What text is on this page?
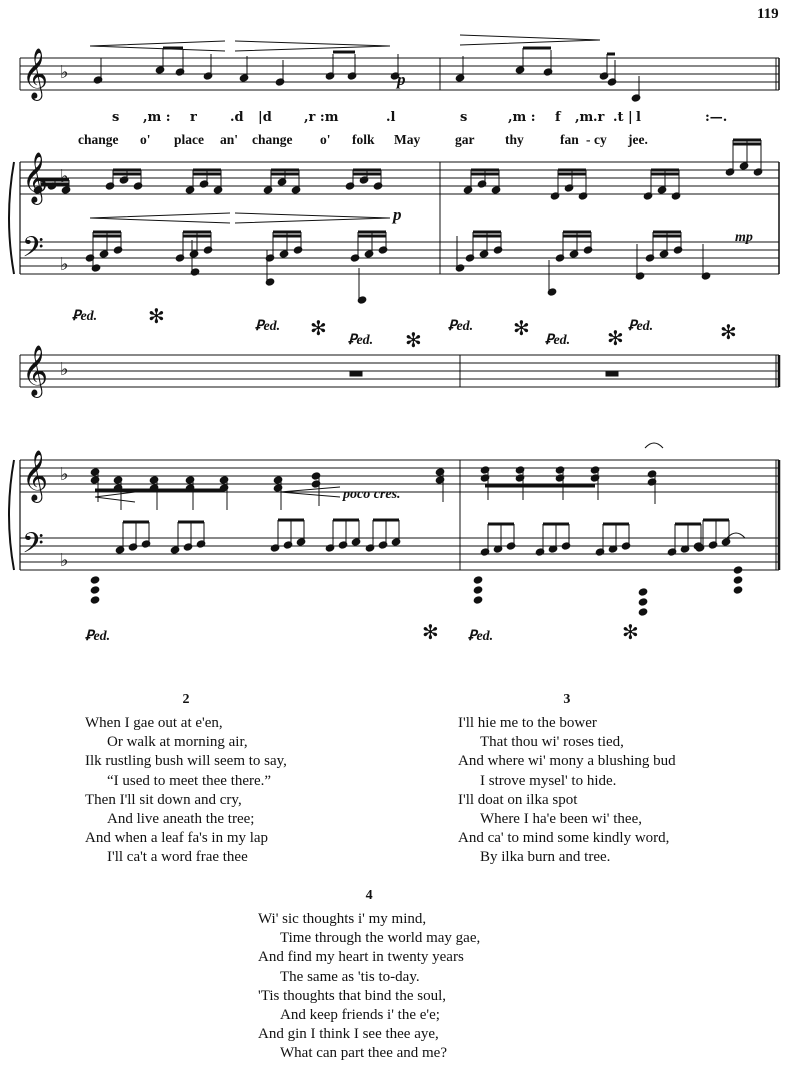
119
𝄞 ♭
𝄞 ♭
𝄢 ♭
𝄞 ♭
𝄞 ♭
𝄢 ♭
s ,m : r	.d |d ,r :m	.l	s	,m : f ,m .r .t | l	:—.
change o' place an' change o' folk May	gar thy	fan - cy jee.
p
p
mp
poco cres.
Ꝑed.	✻	Ꝑed. ✻
Ꝑed. ✻
Ꝑed. ✻
Ꝑed. ✻ Ꝑed.	✻
Ꝑed.	✻ Ꝑed.	✻
2
When I gae out at e'en,
Or walk at morning air,
Ilk rustling bush will seem to say,
“I used to meet thee there.”
Then I'll sit down and cry,
And live aneath the tree;
And when a leaf fa's in my lap
I'll ca't a word frae thee
3
I'll hie me to the bower
That thou wi' roses tied,
And where wi' mony a blushing bud
I strove mysel' to hide.
I'll doat on ilka spot
Where I ha'e been wi' thee,
And ca' to mind some kindly word,
By ilka burn and tree.
4
Wi' sic thoughts i' my mind,
Time through the world may gae,
And find my heart in twenty years
The same as 'tis to-day.
'Tis thoughts that bind the soul,
And keep friends i' the e'e;
And gin I think I see thee aye,
What can part thee and me?
